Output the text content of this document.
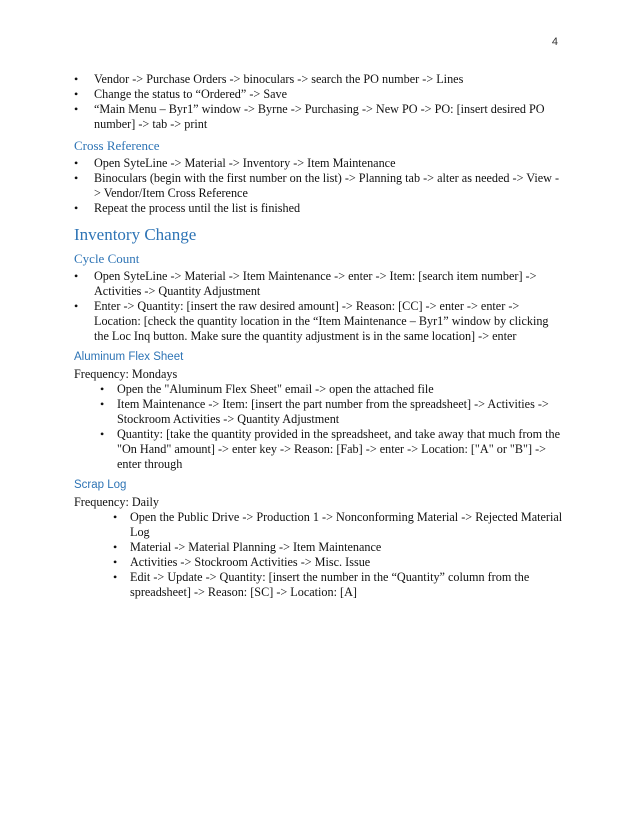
4
• Vendor -> Purchase Orders -> binoculars -> search the PO number -> Lines
• Change the status to “Ordered” -> Save
• “Main Menu – Byr1” window -> Byrne -> Purchasing -> New PO -> PO: [insert desired PO number] -> tab -> print
Cross Reference
• Open SyteLine -> Material -> Inventory -> Item Maintenance
• Binoculars (begin with the first number on the list) -> Planning tab -> alter as needed -> View -> Vendor/Item Cross Reference
• Repeat the process until the list is finished
Inventory Change
Cycle Count
• Open SyteLine -> Material -> Item Maintenance -> enter -> Item: [search item number] -> Activities -> Quantity Adjustment
• Enter -> Quantity: [insert the raw desired amount] -> Reason: [CC] -> enter -> enter -> Location: [check the quantity location in the “Item Maintenance – Byr1” window by clicking the Loc Inq button. Make sure the quantity adjustment is in the same location] -> enter
Aluminum Flex Sheet

Frequency: Mondays

• Open the "Aluminum Flex Sheet" email -> open the attached file
• Item Maintenance -> Item: [insert the part number from the spreadsheet] -> Activities -> Stockroom Activities -> Quantity Adjustment
• Quantity: [take the quantity provided in the spreadsheet, and take away that much from the "On Hand" amount] -> enter key -> Reason: [Fab] -> enter -> Location: ["A" or "B"] -> enter through
Scrap Log

Frequency: Daily

• Open the Public Drive -> Production 1 -> Nonconforming Material -> Rejected Material Log
• Material -> Material Planning -> Item Maintenance
• Activities -> Stockroom Activities -> Misc. Issue
• Edit -> Update -> Quantity: [insert the number in the “Quantity” column from the spreadsheet] -> Reason: [SC] -> Location: [A]
